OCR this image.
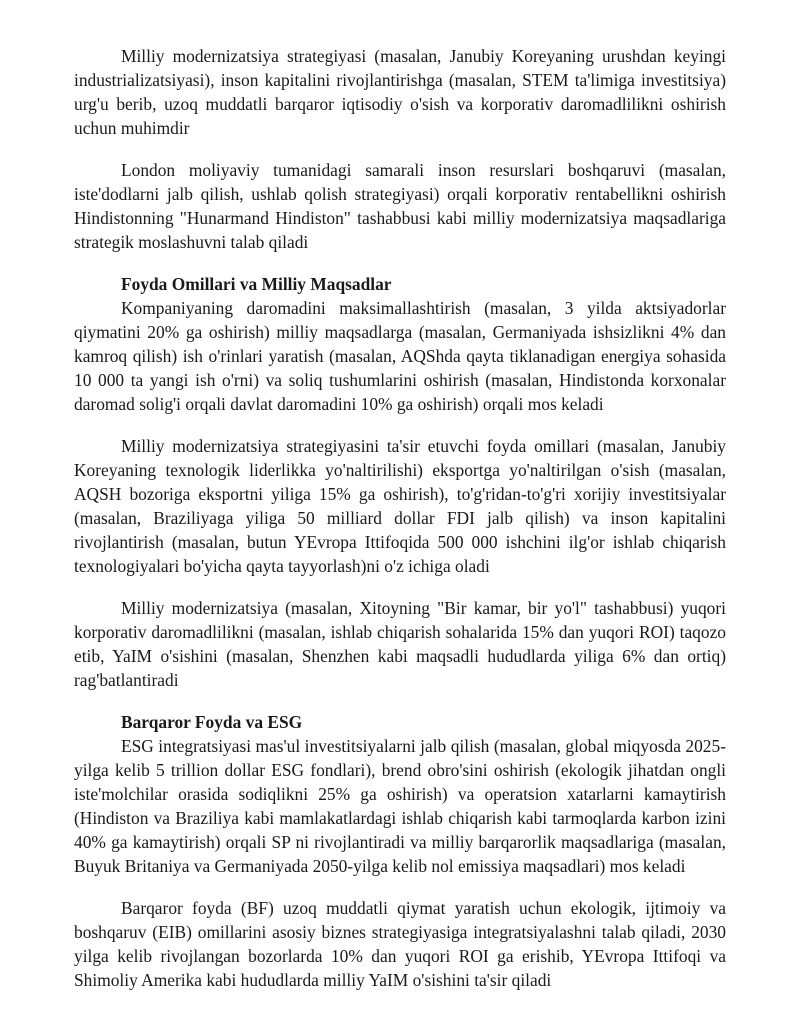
Milliy modernizatsiya strategiyasi (masalan, Janubiy Koreyaning urushdan keyingi industrializatsiyasi), inson kapitalini rivojlantirishga (masalan, STEM ta'limiga investitsiya) urg'u berib, uzoq muddatli barqaror iqtisodiy o'sish va korporativ daromadlilikni oshirish uchun muhimdir

London moliyaviy tumanidagi samarali inson resurslari boshqaruvi (masalan, iste'dodlarni jalb qilish, ushlab qolish strategiyasi) orqali korporativ rentabellikni oshirish Hindistonning "Hunarmand Hindiston" tashabbusi kabi milliy modernizatsiya maqsadlariga strategik moslashuvni talab qiladi

Foyda Omillari va Milliy Maqsadlar

Kompaniyaning daromadini maksimallashtirish (masalan, 3 yilda aktsiyadorlar qiymatini 20% ga oshirish) milliy maqsadlarga (masalan, Germaniyada ishsizlikni 4% dan kamroq qilish) ish o'rinlari yaratish (masalan, AQShda qayta tiklanadigan energiya sohasida 10 000 ta yangi ish o'rni) va soliq tushumlarini oshirish (masalan, Hindistonda korxonalar daromad solig'i orqali davlat daromadini 10% ga oshirish) orqali mos keladi

Milliy modernizatsiya strategiyasini ta'sir etuvchi foyda omillari (masalan, Janubiy Koreyaning texnologik liderlikka yo'naltirilishi) eksportga yo'naltirilgan o'sish (masalan, AQSH bozoriga eksportni yiliga 15% ga oshirish), to'g'ridan-to'g'ri xorijiy investitsiyalar (masalan, Braziliyaga yiliga 50 milliard dollar FDI jalb qilish) va inson kapitalini rivojlantirish (masalan, butun YEvropa Ittifoqida 500 000 ishchini ilg'or ishlab chiqarish texnologiyalari bo'yicha qayta tayyorlash)ni o'z ichiga oladi

Milliy modernizatsiya (masalan, Xitoyning "Bir kamar, bir yo'l" tashabbusi) yuqori korporativ daromadlilikni (masalan, ishlab chiqarish sohalarida 15% dan yuqori ROI) taqozo etib, YaIM o'sishini (masalan, Shenzhen kabi maqsadli hududlarda yiliga 6% dan ortiq) rag'batlantiradi

Barqaror Foyda va ESG

ESG integratsiyasi mas'ul investitsiyalarni jalb qilish (masalan, global miqyosda 2025-yilga kelib 5 trillion dollar ESG fondlari), brend obro'sini oshirish (ekologik jihatdan ongli iste'molchilar orasida sodiqlikni 25% ga oshirish) va operatsion xatarlarni kamaytirish (Hindiston va Braziliya kabi mamlakatlardagi ishlab chiqarish kabi tarmoqlarda karbon izini 40% ga kamaytirish) orqali SP ni rivojlantiradi va milliy barqarorlik maqsadlariga (masalan, Buyuk Britaniya va Germaniyada 2050-yilga kelib nol emissiya maqsadlari) mos keladi

Barqaror foyda (BF) uzoq muddatli qiymat yaratish uchun ekologik, ijtimoiy va boshqaruv (EIB) omillarini asosiy biznes strategiyasiga integratsiyalashni talab qiladi, 2030 yilga kelib rivojlangan bozorlarda 10% dan yuqori ROI ga erishib, YEvropa Ittifoqi va Shimoliy Amerika kabi hududlarda milliy YaIM o'sishini ta'sir qiladi
